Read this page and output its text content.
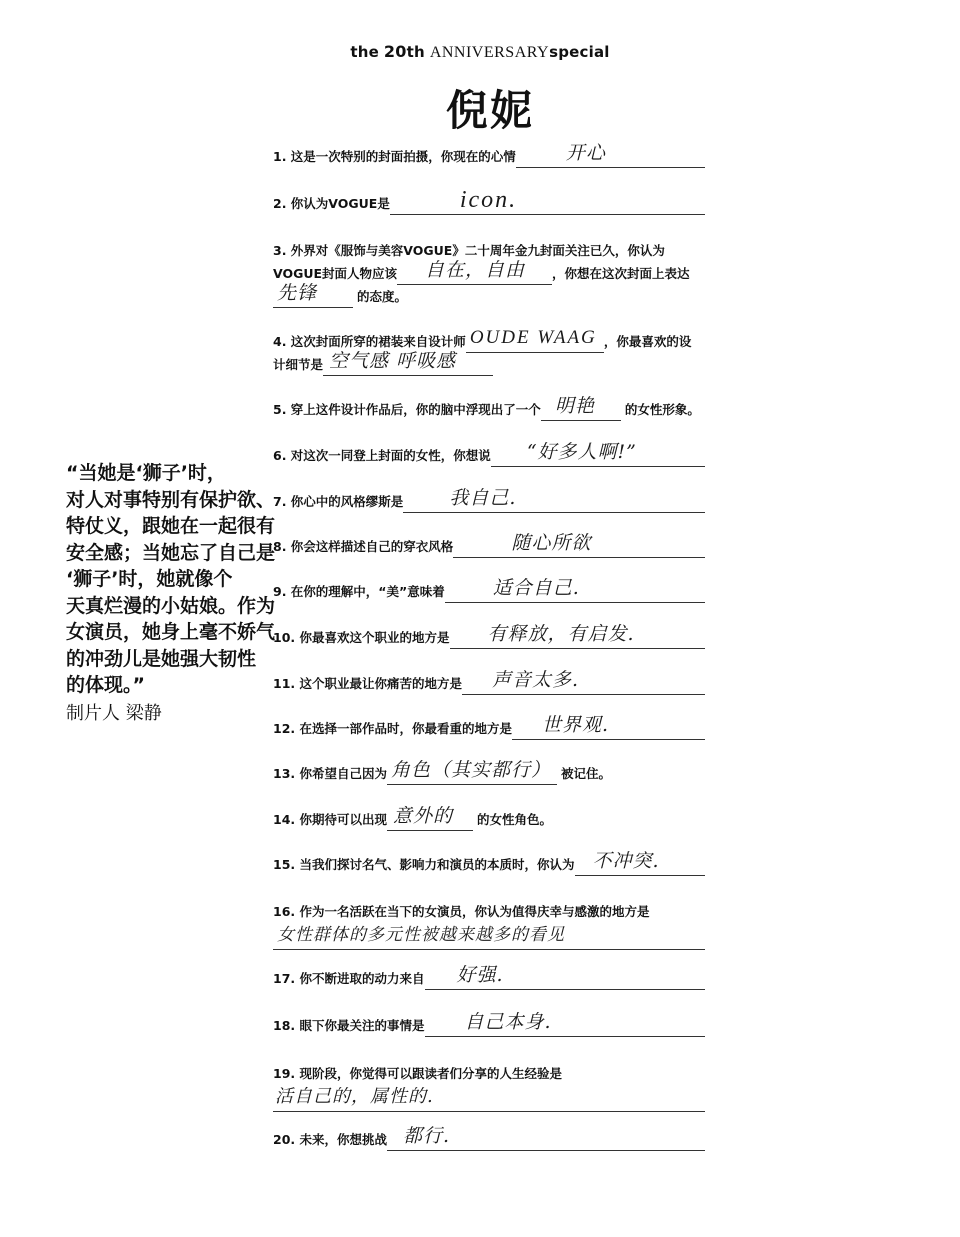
the 20th ANNIVERSARYspecial
倪妮
“当她是‘狮子’时，
对人对事特别有保护欲、
特仗义，跟她在一起很有
安全感；当她忘了自己是
‘狮子’时，她就像个
天真烂漫的小姑娘。作为
女演员，她身上毫不娇气
的冲劲儿是她强大韧性
的体现。”
制片人 梁静
1. 这是一次特别的封面拍摄，你现在的心情	开心
2. 你认为VOGUE是	icon.
3. 外界对《服饰与美容VOGUE》二十周年金九封面关注已久，你认为
VOGUE封面人物应该 自在，自由 ，你想在这次封面上表达
先锋	的态度。
4. 这次封面所穿的裙装来自设计师 OUDE WAAG ，你最喜欢的设
计细节是 空气感 呼吸感
5. 穿上这件设计作品后，你的脑中浮现出了一个 明艳	的女性形象。
6. 对这次一同登上封面的女性，你想说 “好多人啊!”
7. 你心中的风格缪斯是 我自己.
8. 你会这样描述自己的穿衣风格	随心所欲
9. 在你的理解中，“美”意味着	适合自己.
10. 你最喜欢这个职业的地方是 有释放，有启发.
11. 这个职业最让你痛苦的地方是 声音太多.
12. 在选择一部作品时，你最看重的地方是 世界观.
13. 你希望自己因为 角色（其实都行） 被记住。
14. 你期待可以出现 意外的	的女性角色。
15. 当我们探讨名气、影响力和演员的本质时，你认为 不冲突.
16. 作为一名活跃在当下的女演员，你认为值得庆幸与感激的地方是
女性群体的多元性被越来越多的看见
17. 你不断进取的动力来自 好强.
18. 眼下你最关注的事情是 自己本身.
19. 现阶段，你觉得可以跟读者们分享的人生经验是
活自己的，属性的.
20. 未来，你想挑战 都行.
